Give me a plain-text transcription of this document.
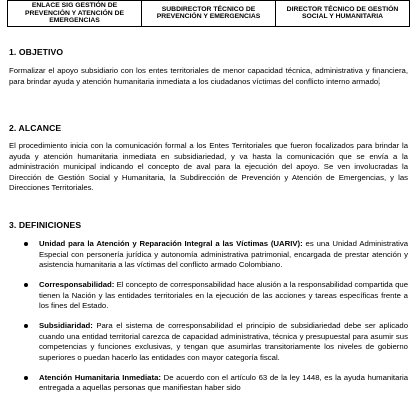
ENLACE SIG GESTIÓN DE PREVENCIÓN Y ATENCIÓN DE EMERGENCIAS	SUBDIRECTOR TÉCNICO DE PREVENCIÓN Y EMERGENCIAS	DIRECTOR TÉCNICO DE GESTIÓN SOCIAL Y HUMANITARIA
1. OBJETIVO
Formalizar el apoyo subsidiario con los entes territoriales de menor capacidad técnica, administrativa y financiera, para brindar ayuda y atención humanitaria inmediata a los ciudadanos víctimas del conflicto interno armado.
2. ALCANCE
El procedimiento inicia con la comunicación formal a los Entes Territoriales que fueron focalizados para brindar la ayuda y atención humanitaria inmediata en subsidiariedad, y va hasta la comunicación que se envía a la administración municipal indicando el concepto de aval para la ejecución del apoyo. Se ven involucradas la Dirección de Gestión Social y Humanitaria, la Subdirección de Prevención y Atención de Emergencias, y las Direcciones Territoriales.
3. DEFINICIONES
Unidad para la Atención y Reparación Integral a las Víctimas (UARIV): es una Unidad Administrativa Especial con personería jurídica y autonomía administrativa patrimonial, encargada de prestar atención y asistencia humanitaria a las víctimas del conflicto armado Colombiano.
Corresponsabilidad: El concepto de corresponsabilidad hace alusión a la responsabilidad compartida que tienen la Nación y las entidades territoriales en la ejecución de las acciones y tareas específicas frente a los fines del Estado.
Subsidiaridad: Para el sistema de corresponsabilidad el principio de subsidiariedad debe ser aplicado cuando una entidad territorial carezca de capacidad administrativa, técnica y presupuestal para asumir sus competencias y funciones exclusivas, y tengan que asumirlas transitoriamente los niveles de gobierno superiores o puedan hacerlo las entidades con mayor categoría fiscal.
Atención Humanitaria Inmediata: De acuerdo con el artículo 63 de la ley 1448, es la ayuda humanitaria entregada a aquellas personas que manifiestan haber sido
